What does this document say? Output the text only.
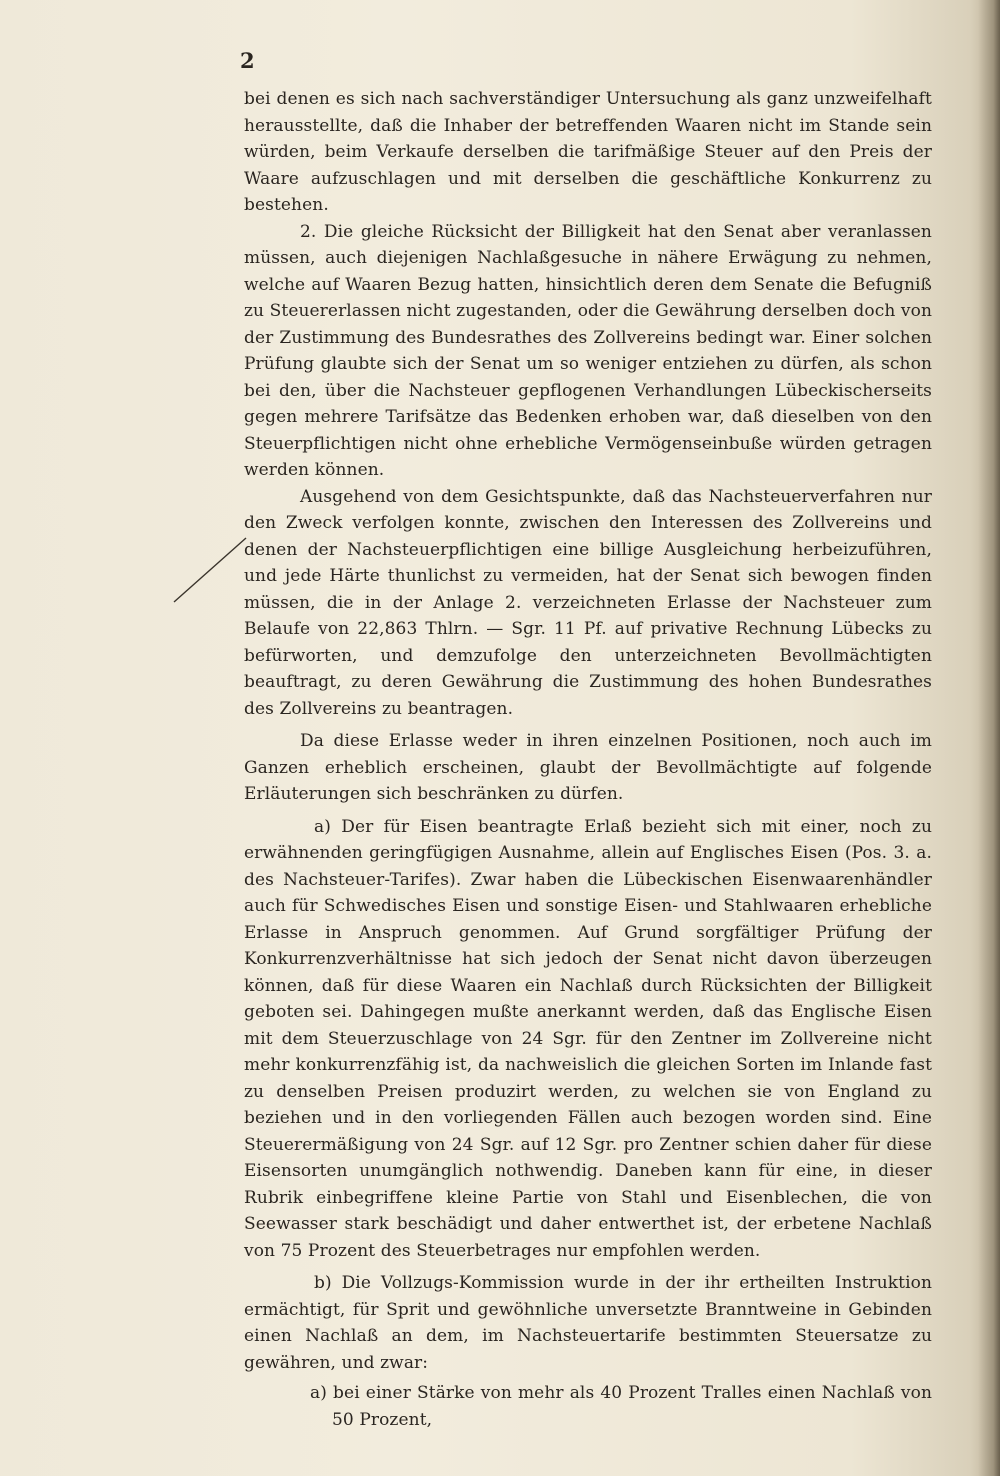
2

bei denen es sich nach sachverständiger Untersuchung als ganz unzweifelhaft herausstellte, daß die Inhaber der betreffenden Waaren nicht im Stande sein würden, beim Verkaufe derselben die tarifmäßige Steuer auf den Preis der Waare aufzuschlagen und mit derselben die geschäftliche Konkurrenz zu bestehen.

2. Die gleiche Rücksicht der Billigkeit hat den Senat aber veranlassen müssen, auch diejenigen Nachlaßgesuche in nähere Erwägung zu nehmen, welche auf Waaren Bezug hatten, hinsichtlich deren dem Senate die Befugniß zu Steuererlassen nicht zugestanden, oder die Gewährung derselben doch von der Zustimmung des Bundesrathes des Zollvereins bedingt war. Einer solchen Prüfung glaubte sich der Senat um so weniger entziehen zu dürfen, als schon bei den, über die Nachsteuer gepflogenen Verhandlungen Lübeckischerseits gegen mehrere Tarifsätze das Bedenken erhoben war, daß dieselben von den Steuerpflichtigen nicht ohne erhebliche Vermögenseinbuße würden getragen werden können.

Ausgehend von dem Gesichtspunkte, daß das Nachsteuerverfahren nur den Zweck verfolgen konnte, zwischen den Interessen des Zollvereins und denen der Nachsteuerpflichtigen eine billige Ausgleichung herbeizuführen, und jede Härte thunlichst zu vermeiden, hat der Senat sich bewogen finden müssen, die in der Anlage 2. verzeichneten Erlasse der Nachsteuer zum Belaufe von 22,863 Thlrn. — Sgr. 11 Pf. auf privative Rechnung Lübecks zu befürworten, und demzufolge den unterzeichneten Bevollmächtigten beauftragt, zu deren Gewährung die Zustimmung des hohen Bundesrathes des Zollvereins zu beantragen.

Da diese Erlasse weder in ihren einzelnen Positionen, noch auch im Ganzen erheblich erscheinen, glaubt der Bevollmächtigte auf folgende Erläuterungen sich beschränken zu dürfen.

a) Der für Eisen beantragte Erlaß bezieht sich mit einer, noch zu erwähnenden geringfügigen Ausnahme, allein auf Englisches Eisen (Pos. 3. a. des Nachsteuer-Tarifes). Zwar haben die Lübeckischen Eisenwaarenhändler auch für Schwedisches Eisen und sonstige Eisen- und Stahlwaaren erhebliche Erlasse in Anspruch genommen. Auf Grund sorgfältiger Prüfung der Konkurrenzverhältnisse hat sich jedoch der Senat nicht davon überzeugen können, daß für diese Waaren ein Nachlaß durch Rücksichten der Billigkeit geboten sei. Dahingegen mußte anerkannt werden, daß das Englische Eisen mit dem Steuerzuschlage von 24 Sgr. für den Zentner im Zollvereine nicht mehr konkurrenzfähig ist, da nachweislich die gleichen Sorten im Inlande fast zu denselben Preisen produzirt werden, zu welchen sie von England zu beziehen und in den vorliegenden Fällen auch bezogen worden sind. Eine Steuerermäßigung von 24 Sgr. auf 12 Sgr. pro Zentner schien daher für diese Eisensorten unumgänglich nothwendig. Daneben kann für eine, in dieser Rubrik einbegriffene kleine Partie von Stahl und Eisenblechen, die von Seewasser stark beschädigt und daher entwerthet ist, der erbetene Nachlaß von 75 Prozent des Steuerbetrages nur empfohlen werden.

b) Die Vollzugs-Kommission wurde in der ihr ertheilten Instruktion ermächtigt, für Sprit und gewöhnliche unversetzte Branntweine in Gebinden einen Nachlaß an dem, im Nachsteuertarife bestimmten Steuersatze zu gewähren, und zwar:

a) bei einer Stärke von mehr als 40 Prozent Tralles einen Nachlaß von 50 Prozent,
